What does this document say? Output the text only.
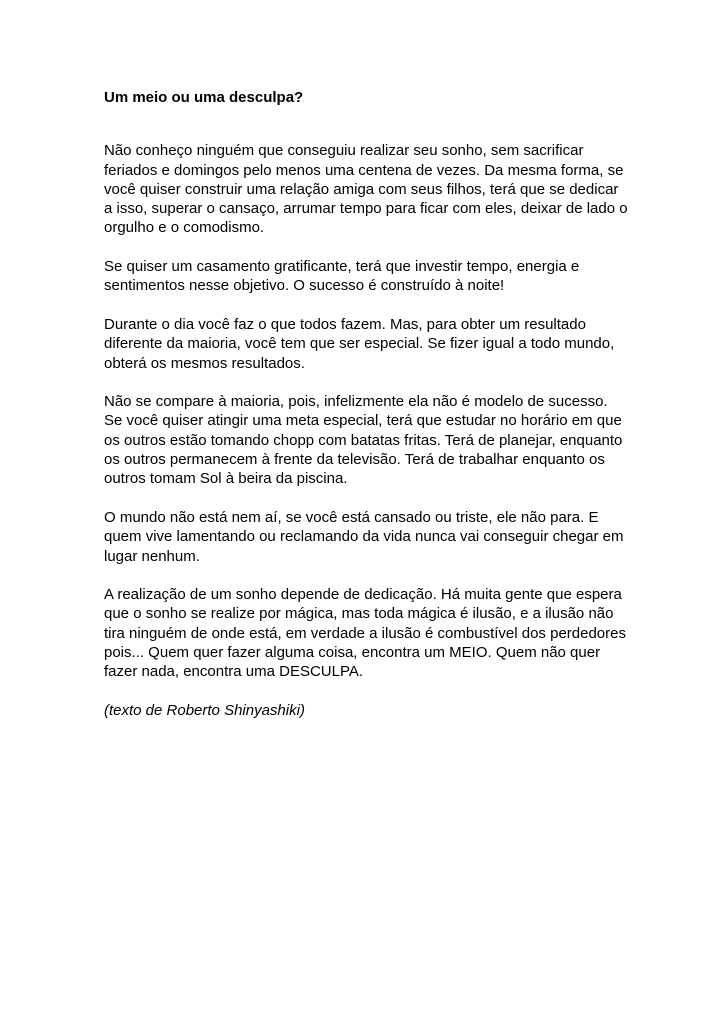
Um meio ou uma desculpa?

Não conheço ninguém que conseguiu realizar seu sonho, sem sacrificar feriados e domingos pelo menos uma centena de vezes. Da mesma forma, se você quiser construir uma relação amiga com seus filhos, terá que se dedicar a isso, superar o cansaço, arrumar tempo para ficar com eles, deixar de lado o orgulho e o comodismo.

Se quiser um casamento gratificante, terá que investir tempo, energia e sentimentos nesse objetivo. O sucesso é construído à noite!

Durante o dia você faz o que todos fazem. Mas, para obter um resultado diferente da maioria, você tem que ser especial. Se fizer igual a todo mundo, obterá os mesmos resultados.

Não se compare à maioria, pois, infelizmente ela não é modelo de sucesso. Se você quiser atingir uma meta especial, terá que estudar no horário em que os outros estão tomando chopp com batatas fritas. Terá de planejar, enquanto os outros permanecem à frente da televisão. Terá de trabalhar enquanto os outros tomam Sol à beira da piscina.

O mundo não está nem aí, se você está cansado ou triste, ele não para. E quem vive lamentando ou reclamando da vida nunca vai conseguir chegar em lugar nenhum.

A realização de um sonho depende de dedicação. Há muita gente que espera que o sonho se realize por mágica, mas toda mágica é ilusão, e a ilusão não tira ninguém de onde está, em verdade a ilusão é combustível dos perdedores pois... Quem quer fazer alguma coisa, encontra um MEIO. Quem não quer fazer nada, encontra uma DESCULPA.

(texto de Roberto Shinyashiki)
